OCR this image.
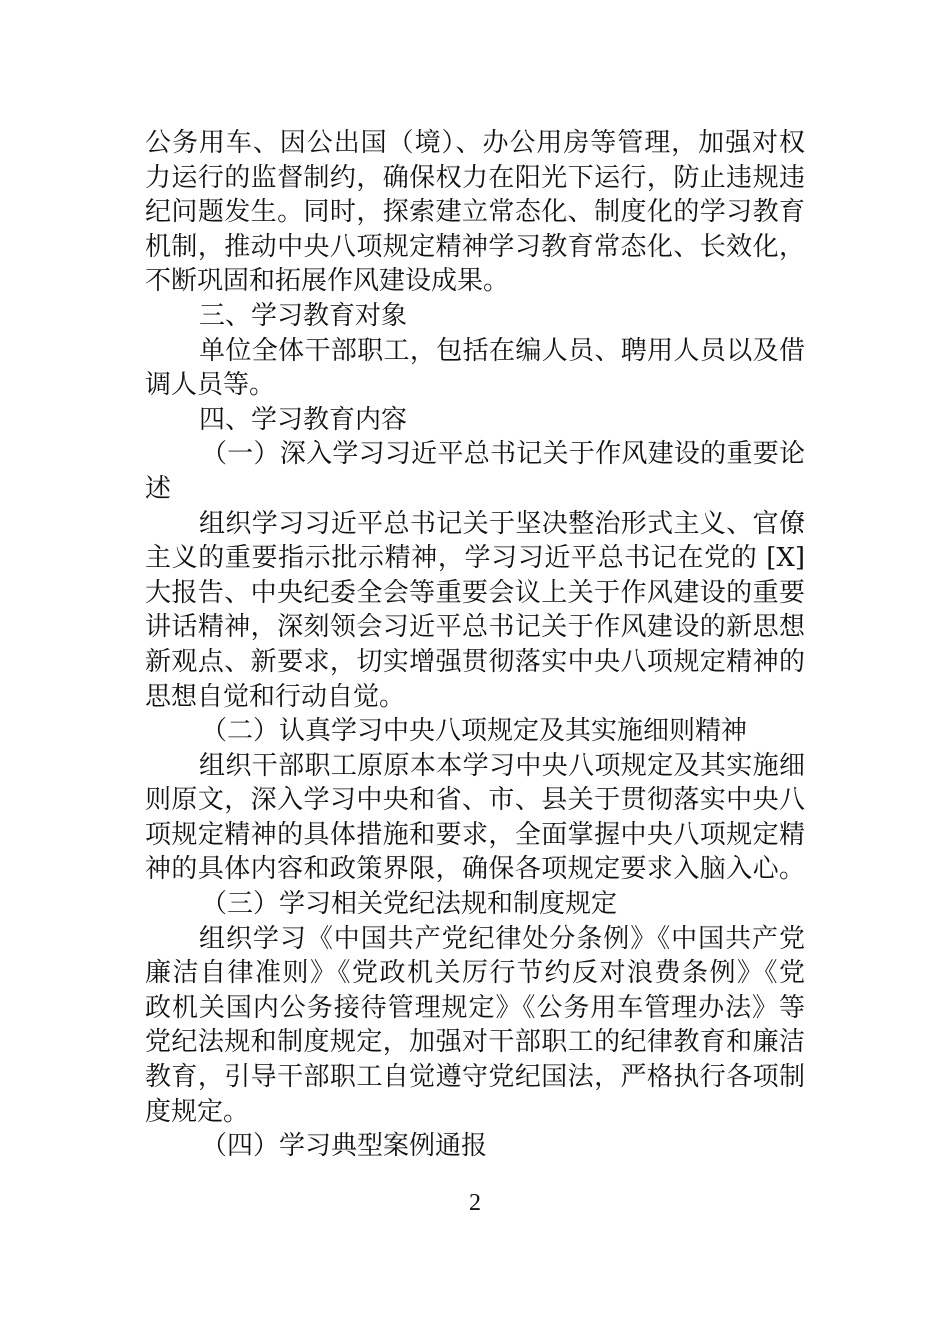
公务用车、因公出国（境）、办公用房等管理，加强对权
力运行的监督制约，确保权力在阳光下运行，防止违规违
纪问题发生。同时，探索建立常态化、制度化的学习教育
机制，推动中央八项规定精神学习教育常态化、长效化，
不断巩固和拓展作风建设成果。
三、学习教育对象
单位全体干部职工，包括在编人员、聘用人员以及借
调人员等。
四、学习教育内容
（一）深入学习习近平总书记关于作风建设的重要论
述
组织学习习近平总书记关于坚决整治形式主义、官僚
主义的重要指示批示精神，学习习近平总书记在党的 [X]
大报告、中央纪委全会等重要会议上关于作风建设的重要
讲话精神，深刻领会习近平总书记关于作风建设的新思想
新观点、新要求，切实增强贯彻落实中央八项规定精神的
思想自觉和行动自觉。
（二）认真学习中央八项规定及其实施细则精神
组织干部职工原原本本学习中央八项规定及其实施细
则原文，深入学习中央和省、市、县关于贯彻落实中央八
项规定精神的具体措施和要求，全面掌握中央八项规定精
神的具体内容和政策界限，确保各项规定要求入脑入心。
（三）学习相关党纪法规和制度规定
组织学习《中国共产党纪律处分条例》《中国共产党
廉洁自律准则》《党政机关厉行节约反对浪费条例》《党
政机关国内公务接待管理规定》《公务用车管理办法》等
党纪法规和制度规定，加强对干部职工的纪律教育和廉洁
教育，引导干部职工自觉遵守党纪国法，严格执行各项制
度规定。
（四）学习典型案例通报
2
